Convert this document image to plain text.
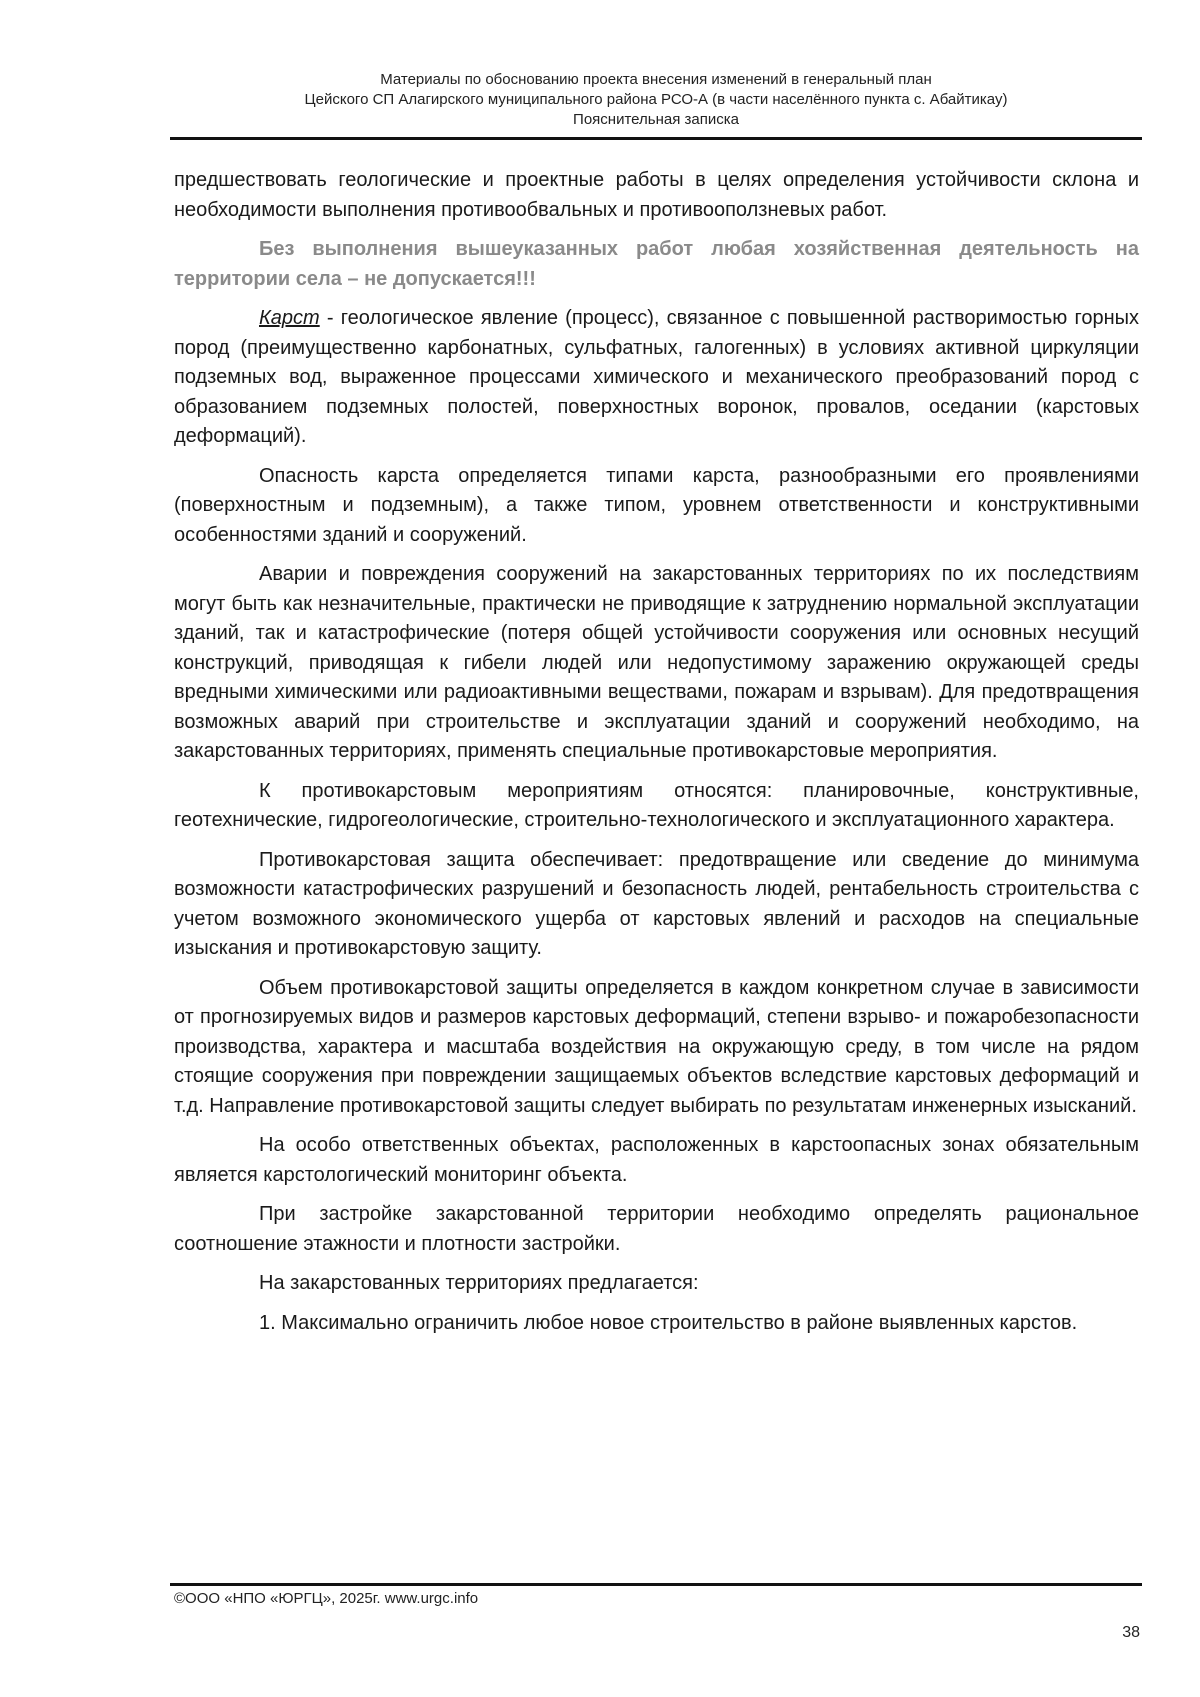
Материалы по обоснованию проекта внесения изменений в генеральный план
Цейского СП Алагирского муниципального района РСО-А (в части населённого пункта с. Абайтикау)
Пояснительная записка

предшествовать геологические и проектные работы в целях определения устойчивости склона и необходимости выполнения противообвальных и противооползневых работ.

Без выполнения вышеуказанных работ любая хозяйственная деятельность на территории села – не допускается!!!

Карст - геологическое явление (процесс), связанное с повышенной растворимостью горных пород (преимущественно карбонатных, сульфатных, галогенных) в условиях активной циркуляции подземных вод, выраженное процессами химического и механического преобразований пород с образованием подземных полостей, поверхностных воронок, провалов, оседании (карстовых деформаций).

Опасность карста определяется типами карста, разнообразными его проявлениями (поверхностным и подземным), а также типом, уровнем ответственности и конструктивными особенностями зданий и сооружений.

Аварии и повреждения сооружений на закарстованных территориях по их последствиям могут быть как незначительные, практически не приводящие к затруднению нормальной эксплуатации зданий, так и катастрофические (потеря общей устойчивости сооружения или основных несущий конструкций, приводящая к гибели людей или недопустимому заражению окружающей среды вредными химическими или радиоактивными веществами, пожарам и взрывам). Для предотвращения возможных аварий при строительстве и эксплуатации зданий и сооружений необходимо, на закарстованных территориях, применять специальные противокарстовые мероприятия.

К противокарстовым мероприятиям относятся: планировочные, конструктивные, геотехнические, гидрогеологические, строительно-технологического и эксплуатационного характера.

Противокарстовая защита обеспечивает: предотвращение или сведение до минимума возможности катастрофических разрушений и безопасность людей, рентабельность строительства с учетом возможного экономического ущерба от карстовых явлений и расходов на специальные изыскания и противокарстовую защиту.

Объем противокарстовой защиты определяется в каждом конкретном случае в зависимости от прогнозируемых видов и размеров карстовых деформаций, степени взрыво- и пожаробезопасности производства, характера и масштаба воздействия на окружающую среду, в том числе на рядом стоящие сооружения при повреждении защищаемых объектов вследствие карстовых деформаций и т.д. Направление противокарстовой защиты следует выбирать по результатам инженерных изысканий.

На особо ответственных объектах, расположенных в карстоопасных зонах обязательным является карстологический мониторинг объекта.

При застройке закарстованной территории необходимо определять рациональное соотношение этажности и плотности застройки.

На закарстованных территориях предлагается:

1. Максимально ограничить любое новое строительство в районе выявленных карстов.

©ООО «НПО «ЮРГЦ», 2025г. www.urgc.info
38
